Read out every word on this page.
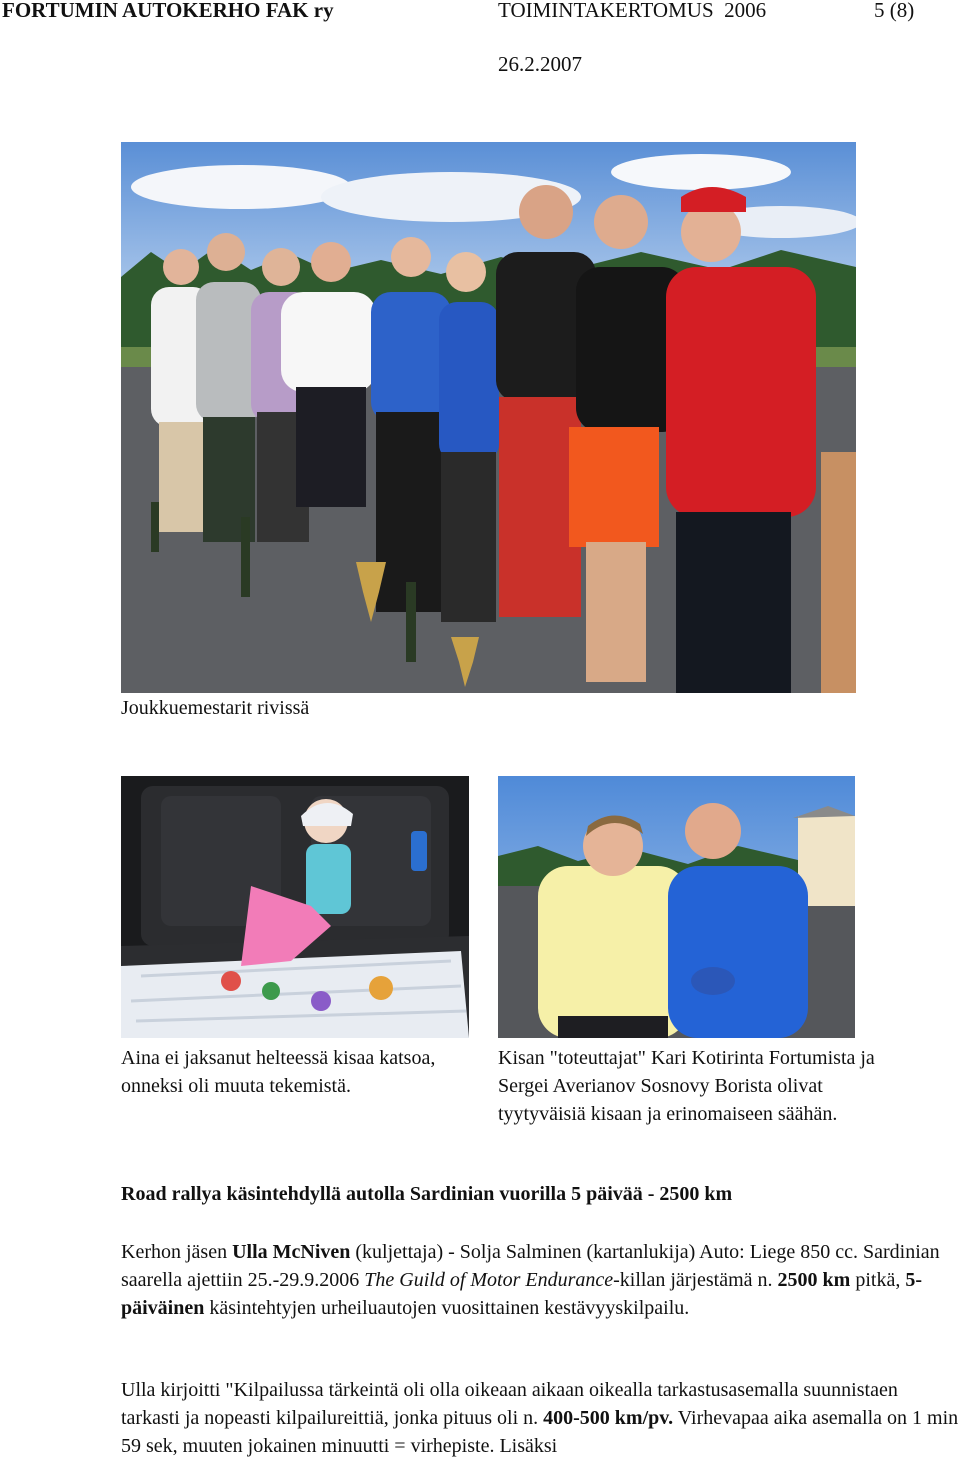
FORTUMIN AUTOKERHO FAK ry	TOIMINTAKERTOMUS  2006	5 (8)
26.2.2007
Joukkuemestarit rivissä
Aina ei jaksanut helteessä kisaa katsoa, onneksi oli muuta tekemistä.
Kisan "toteuttajat" Kari Kotirinta Fortumista ja Sergei Averianov Sosnovy Borista olivat tyytyväisiä kisaan ja erinomaiseen säähän.
Road rallya käsintehdyllä autolla Sardinian vuorilla 5 päivää - 2500 km
Kerhon jäsen Ulla McNiven (kuljettaja) - Solja Salminen (kartanlukija) Auto: Liege 850 cc. Sardinian saarella ajettiin 25.-29.9.2006 The Guild of Motor Endurance-killan järjestämä n. 2500 km pitkä, 5-päiväinen käsintehtyjen urheiluautojen vuosittainen kestävyyskilpailu.
Ulla kirjoitti "Kilpailussa tärkeintä oli olla oikeaan aikaan oikealla tarkastusasemalla suunnistaen tarkasti ja nopeasti kilpailureittiä, jonka pituus oli n. 400-500 km/pv. Virhevapaa aika asemalla on 1 min 59 sek, muuten jokainen minuutti = virhepiste. Lisäksi
